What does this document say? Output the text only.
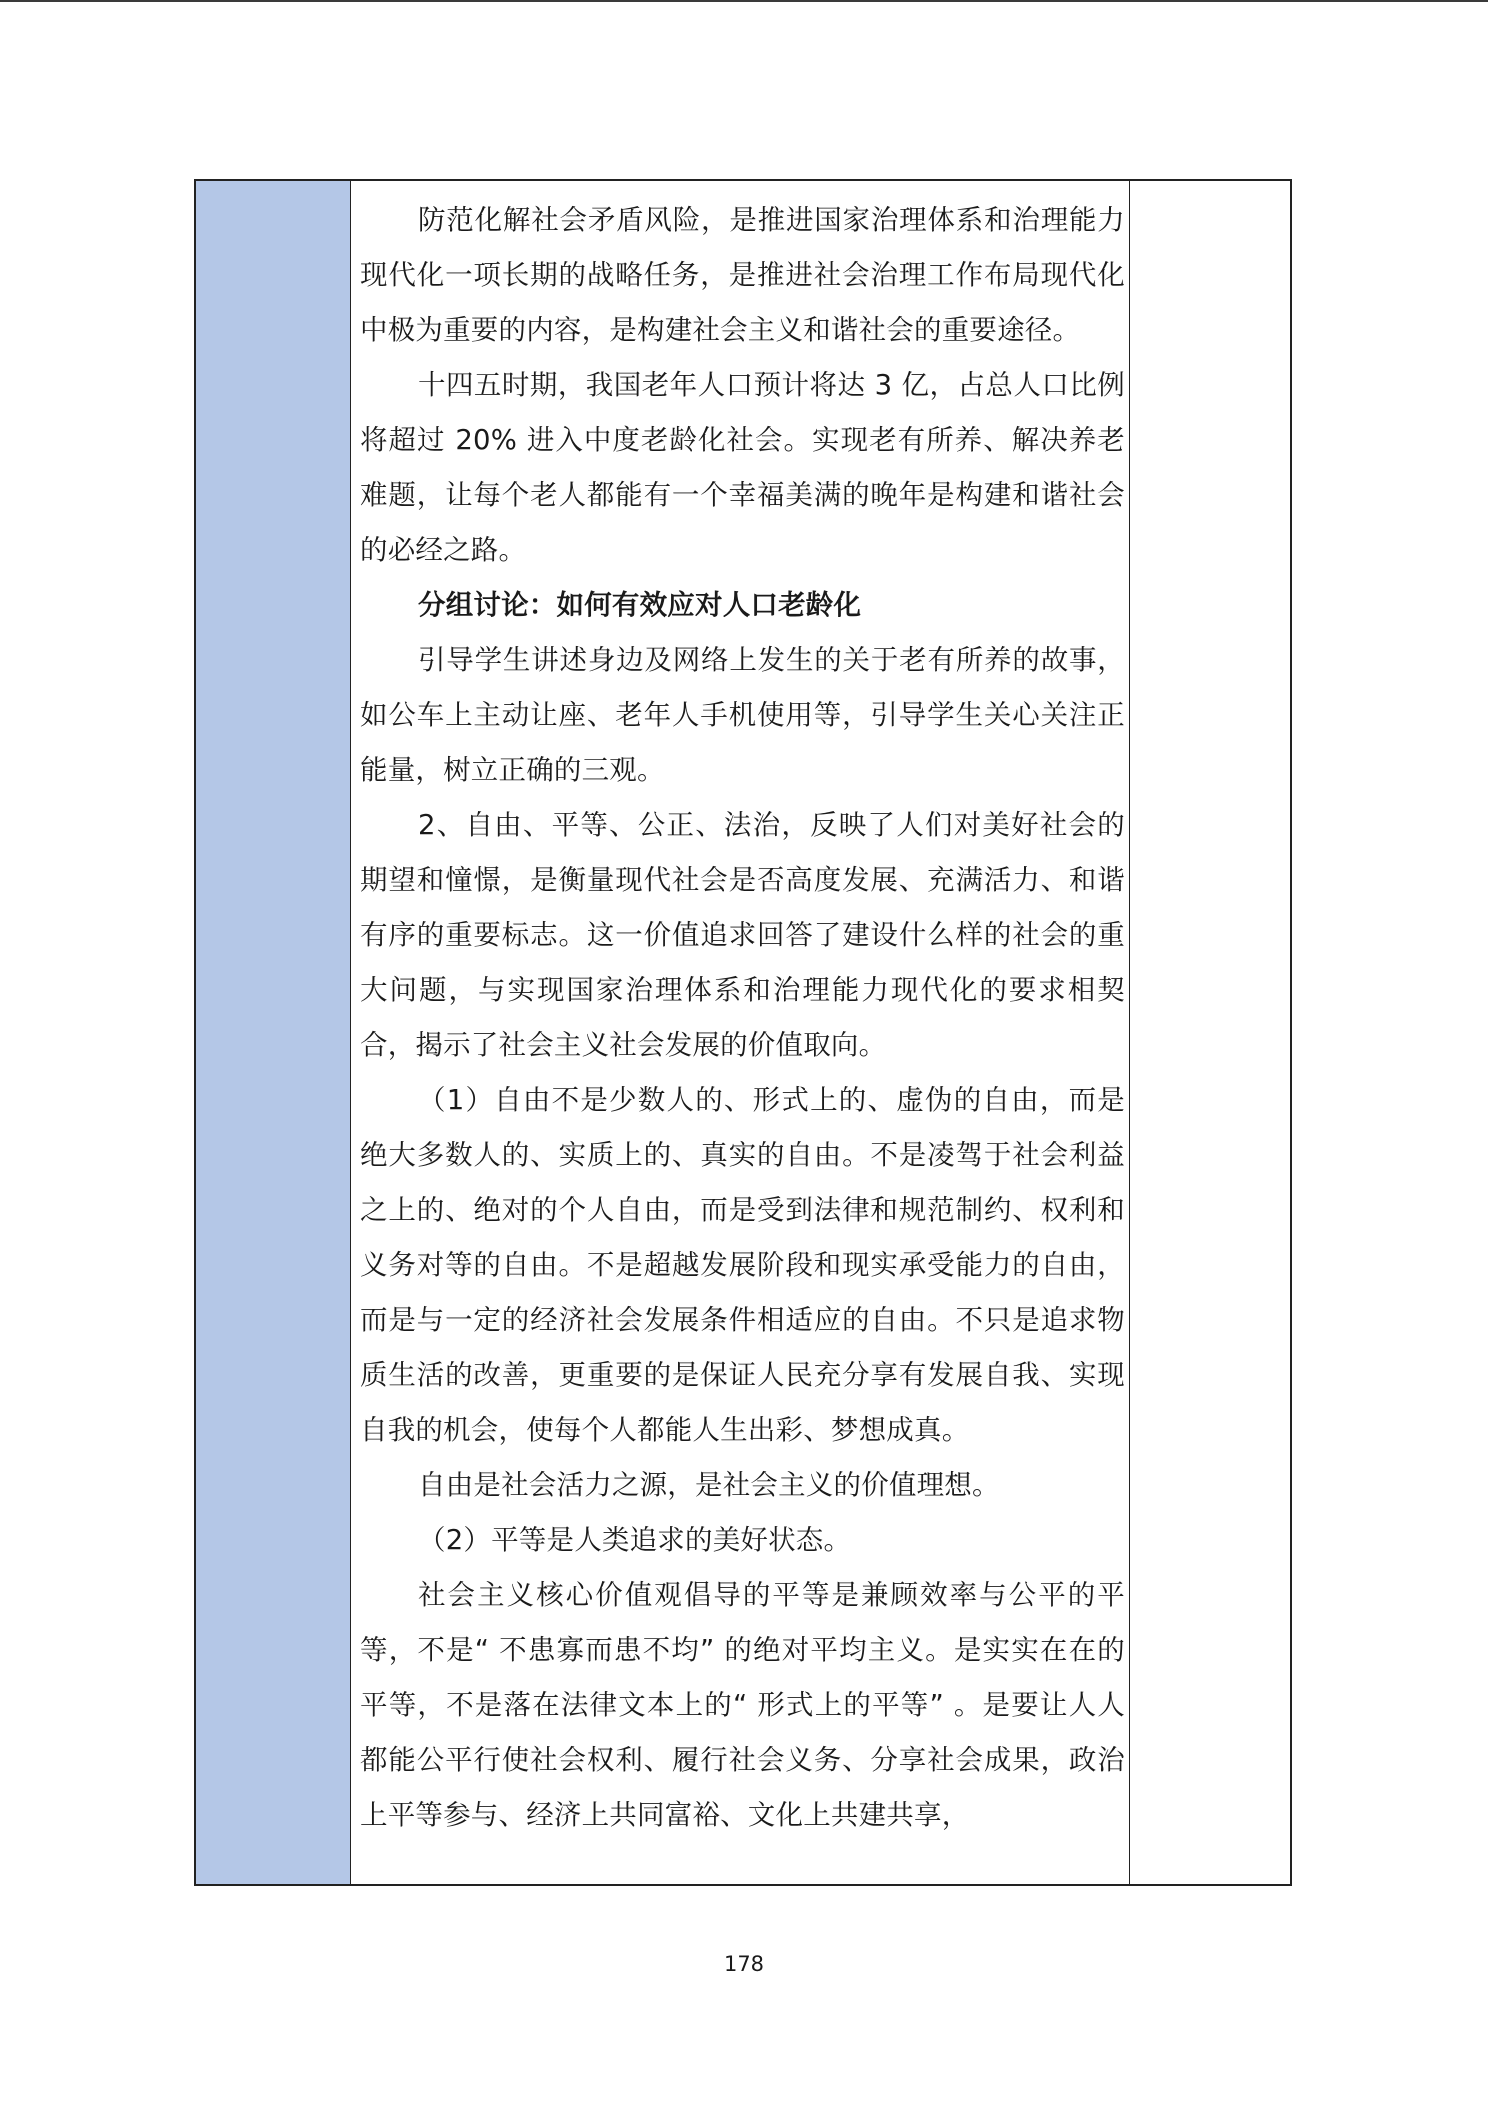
防范化解社会矛盾风险，是推进国家治理体系和治理能力现代化一项长期的战略任务，是推进社会治理工作布局现代化中极为重要的内容，是构建社会主义和谐社会的重要途径。

十四五时期，我国老年人口预计将达 3 亿，占总人口比例将超过 20% 进入中度老龄化社会。实现老有所养、解决养老难题，让每个老人都能有一个幸福美满的晚年是构建和谐社会的必经之路。

分组讨论：如何有效应对人口老龄化

引导学生讲述身边及网络上发生的关于老有所养的故事，如公车上主动让座、老年人手机使用等，引导学生关心关注正能量，树立正确的三观。

2、自由、平等、公正、法治，反映了人们对美好社会的期望和憧憬，是衡量现代社会是否高度发展、充满活力、和谐有序的重要标志。这一价值追求回答了建设什么样的社会的重大问题，与实现国家治理体系和治理能力现代化的要求相契合，揭示了社会主义社会发展的价值取向。

（1）自由不是少数人的、形式上的、虚伪的自由，而是绝大多数人的、实质上的、真实的自由。不是凌驾于社会利益之上的、绝对的个人自由，而是受到法律和规范制约、权利和义务对等的自由。不是超越发展阶段和现实承受能力的自由，而是与一定的经济社会发展条件相适应的自由。不只是追求物质生活的改善，更重要的是保证人民充分享有发展自我、实现自我的机会，使每个人都能人生出彩、梦想成真。

自由是社会活力之源，是社会主义的价值理想。

（2）平等是人类追求的美好状态。

社会主义核心价值观倡导的平等是兼顾效率与公平的平等，不是“ 不患寡而患不均” 的绝对平均主义。是实实在在的平等，不是落在法律文本上的“ 形式上的平等” 。是要让人人都能公平行使社会权利、履行社会义务、分享社会成果，政治上平等参与、经济上共同富裕、文化上共建共享，

178
